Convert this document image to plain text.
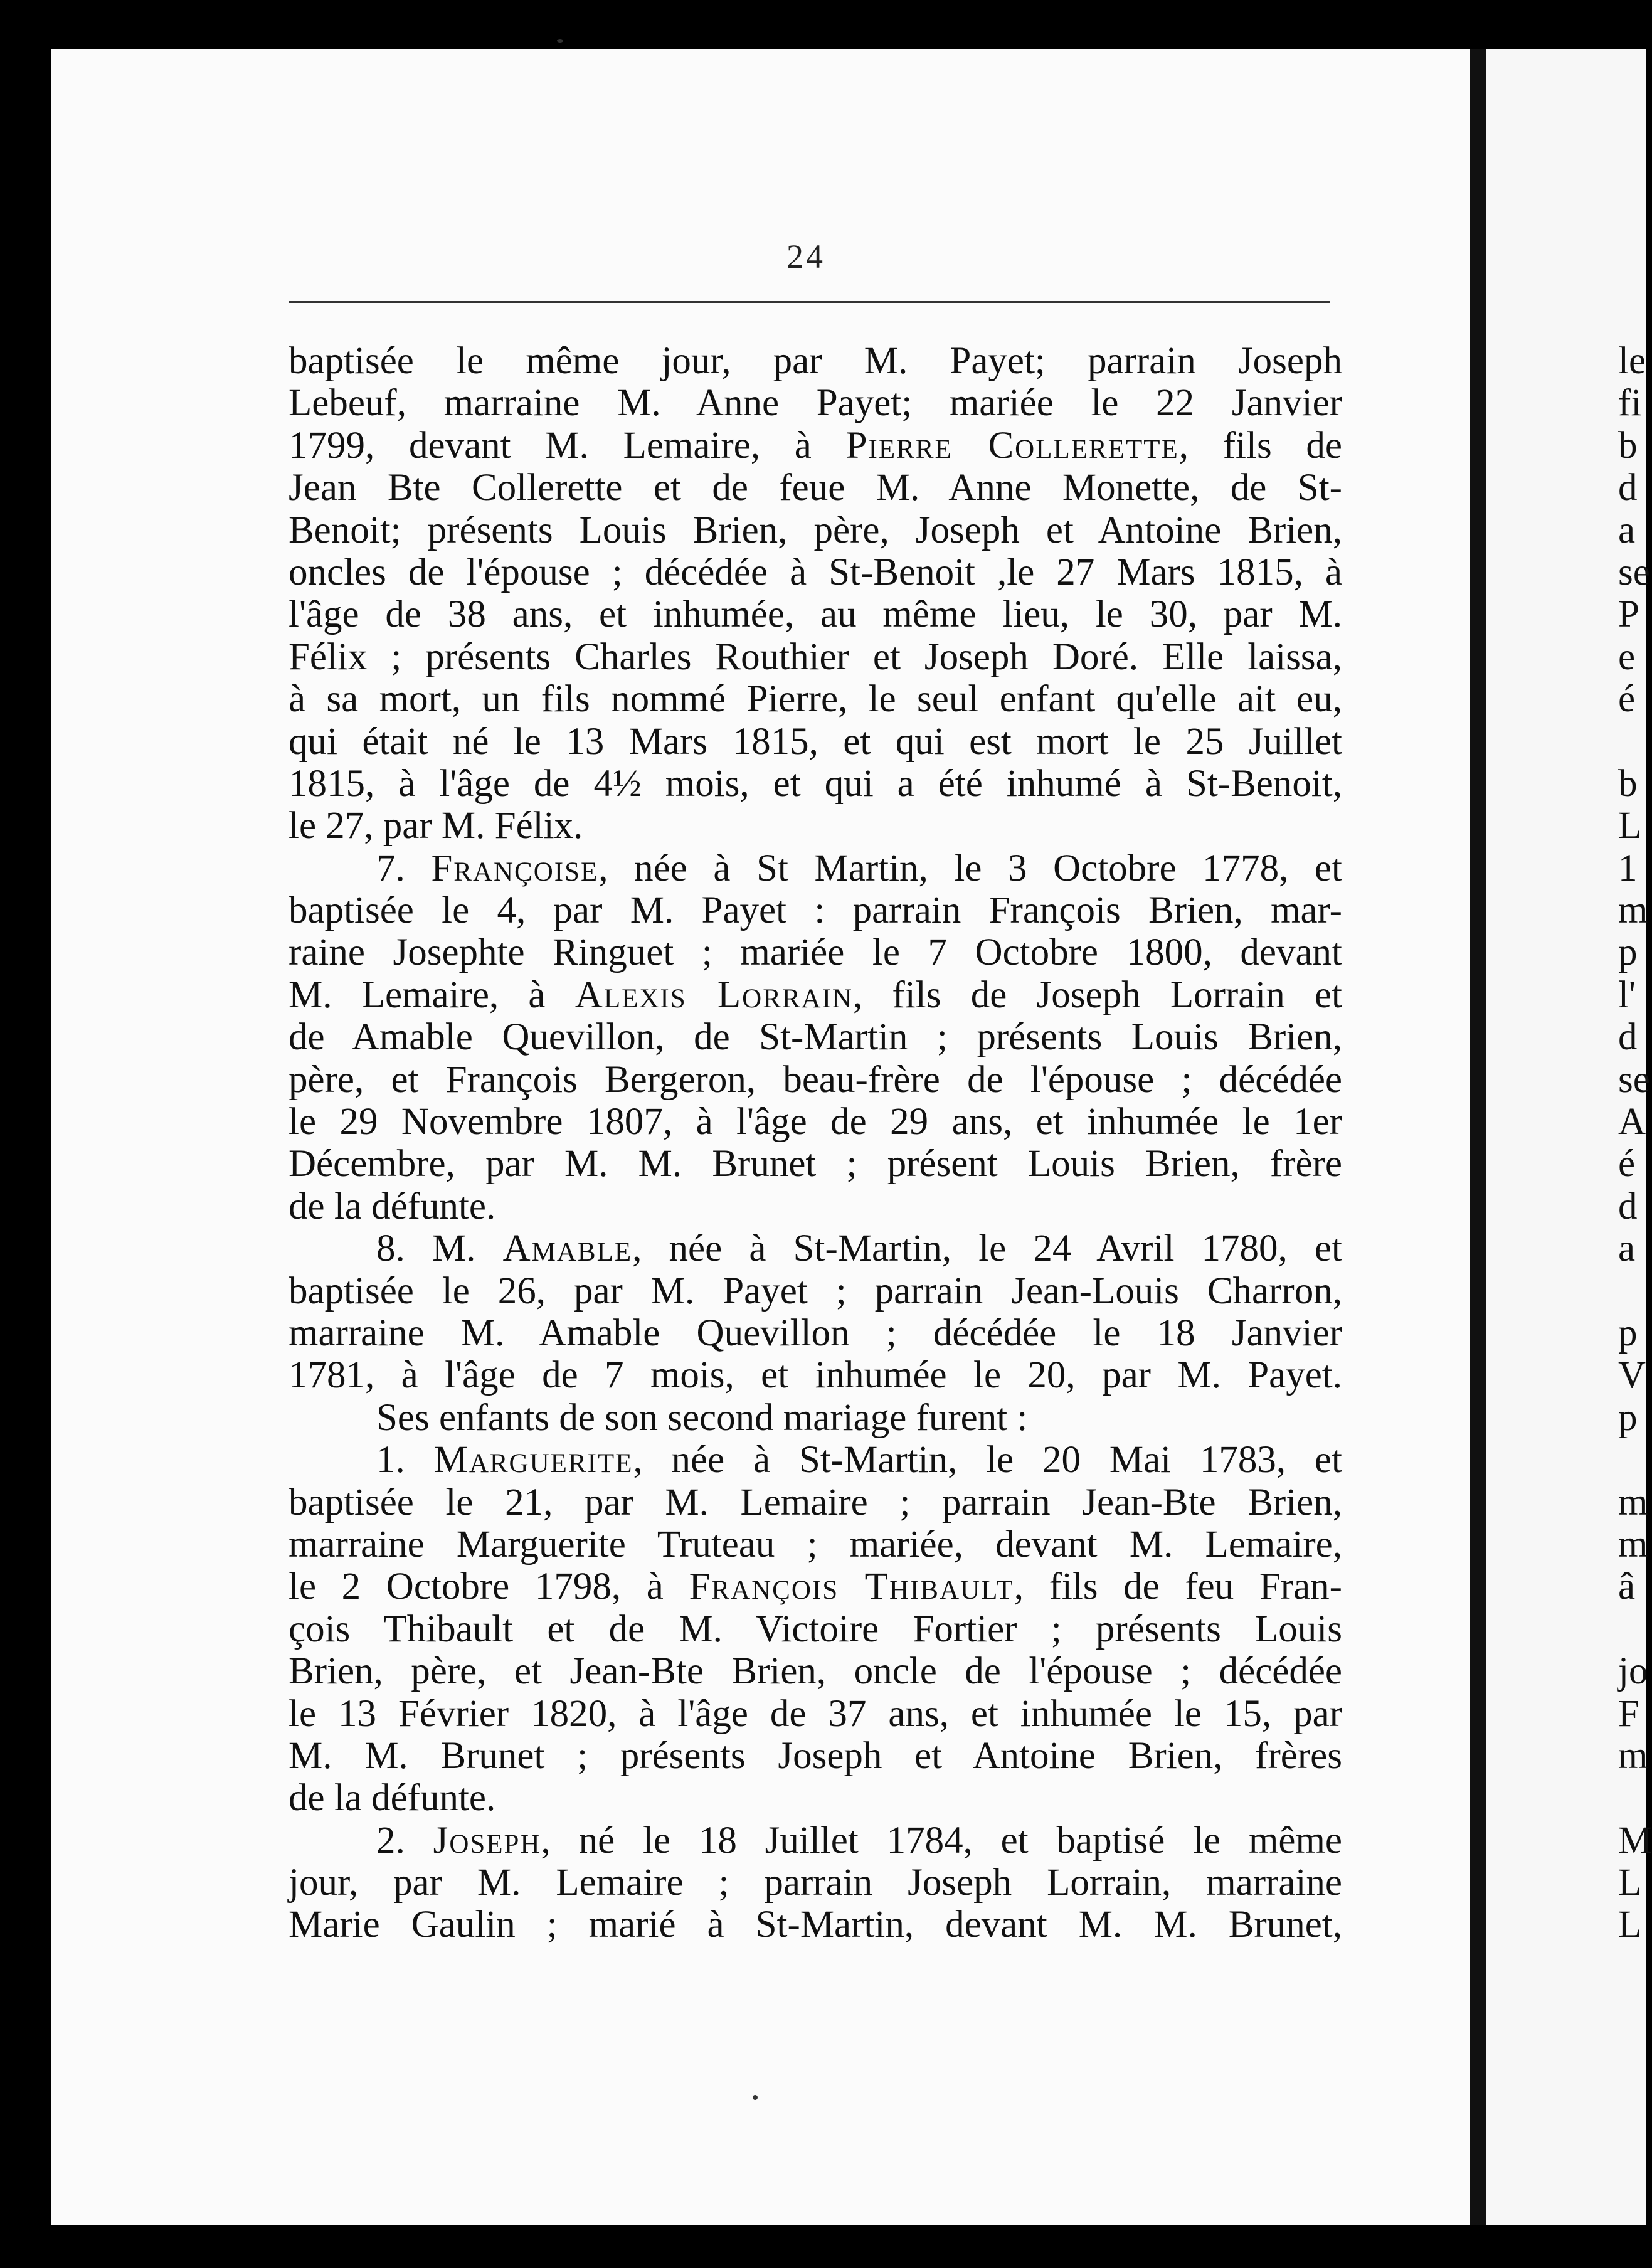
24
baptisée le même jour, par M. Payet; parrain Joseph
Lebeuf, marraine M. Anne Payet; mariée le 22 Janvier
1799, devant M. Lemaire, à Pierre Collerette, fils de
Jean Bte Collerette et de feue M. Anne Monette, de St-
Benoit; présents Louis Brien, père, Joseph et Antoine Brien,
oncles de l'épouse ; décédée à St-Benoit ,le 27 Mars 1815, à
l'âge de 38 ans, et inhumée, au même lieu, le 30, par M.
Félix ; présents Charles Routhier et Joseph Doré. Elle laissa,
à sa mort, un fils nommé Pierre, le seul enfant qu'elle ait eu,
qui était né le 13 Mars 1815, et qui est mort le 25 Juillet
1815, à l'âge de 4½ mois, et qui a été inhumé à St-Benoit,
le 27, par M. Félix.
7. Françoise, née à St Martin, le 3 Octobre 1778, et
baptisée le 4, par M. Payet : parrain François Brien, mar-
raine Josephte Ringuet ; mariée le 7 Octobre 1800, devant
M. Lemaire, à Alexis Lorrain, fils de Joseph Lorrain et
de Amable Quevillon, de St-Martin ; présents Louis Brien,
père, et François Bergeron, beau-frère de l'épouse ; décédée
le 29 Novembre 1807, à l'âge de 29 ans, et inhumée le 1er
Décembre, par M. M. Brunet ; présent Louis Brien, frère
de la défunte.
8. M. Amable, née à St-Martin, le 24 Avril 1780, et
baptisée le 26, par M. Payet ; parrain Jean-Louis Charron,
marraine M. Amable Quevillon ; décédée le 18 Janvier
1781, à l'âge de 7 mois, et inhumée le 20, par M. Payet.
Ses enfants de son second mariage furent :
1. Marguerite, née à St-Martin, le 20 Mai 1783, et
baptisée le 21, par M. Lemaire ; parrain Jean-Bte Brien,
marraine Marguerite Truteau ; mariée, devant M. Lemaire,
le 2 Octobre 1798, à François Thibault, fils de feu Fran-
çois Thibault et de M. Victoire Fortier ; présents Louis
Brien, père, et Jean-Bte Brien, oncle de l'épouse ; décédée
le 13 Février 1820, à l'âge de 37 ans, et inhumée le 15, par
M. M. Brunet ; présents Joseph et Antoine Brien, frères
de la défunte.
2. Joseph, né le 18 Juillet 1784, et baptisé le même
jour, par M. Lemaire ; parrain Joseph Lorrain, marraine
Marie Gaulin ; marié à St-Martin, devant M. M. Brunet,
le
fi
b
d
a
se
P
e
é
b
L
1
m
p
l'
d
se
A
é
d
a
p
V
p
m
m
â
jo
F
m
M
L
L
